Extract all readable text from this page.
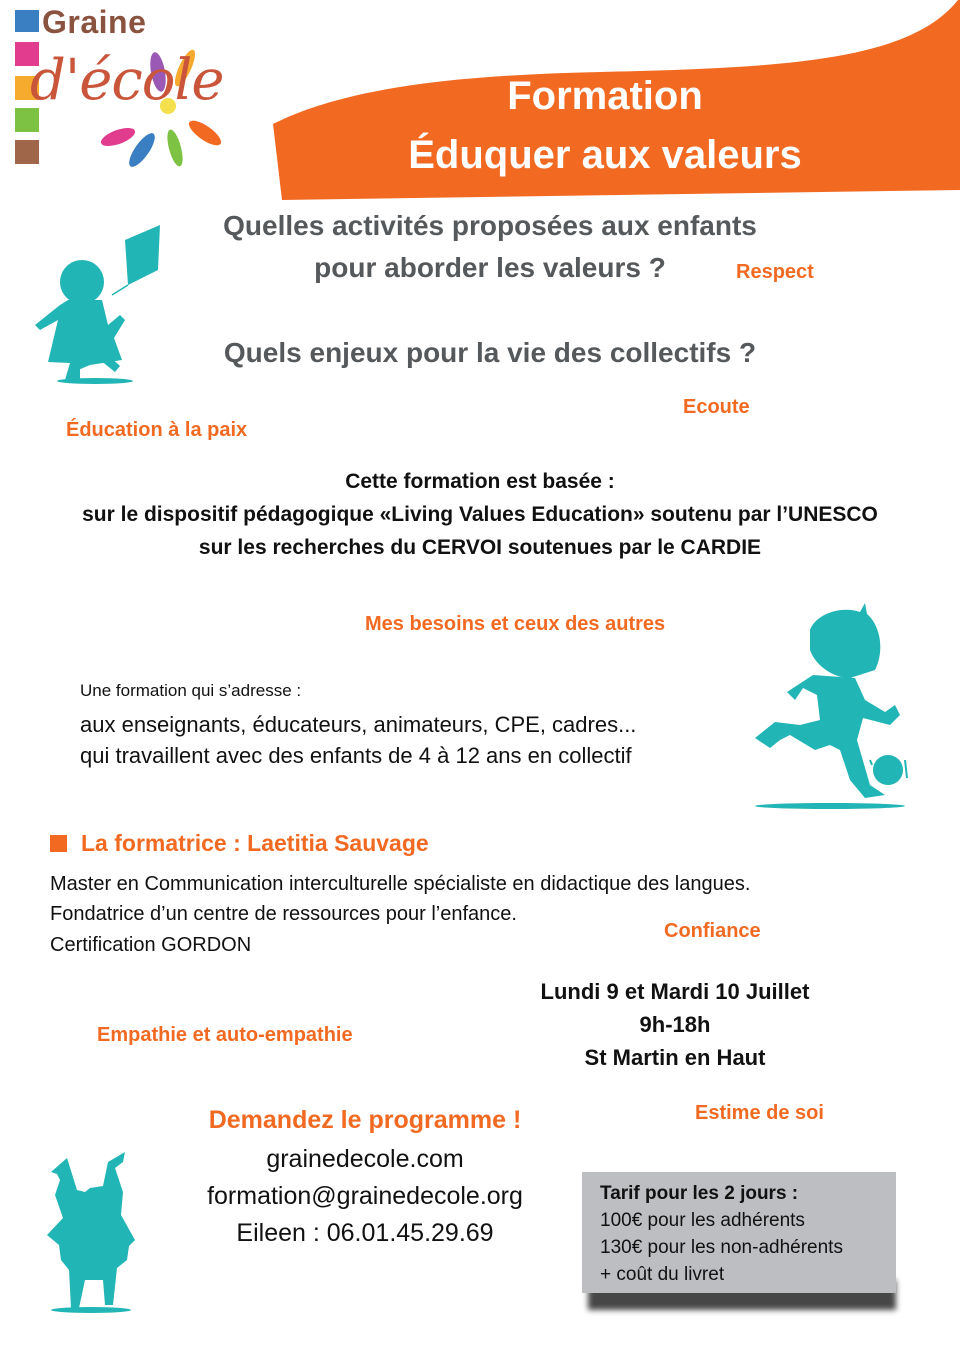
Graine
d'école	Formation
Éduquer aux valeurs
Quelles activités proposées aux enfants
pour aborder les valeurs ?
Quels enjeux pour la vie des collectifs ?
Respect
Ecoute
Éducation à la paix
Cette formation est basée :
sur le dispositif pédagogique «Living Values Education» soutenu par l’UNESCO
sur les recherches du CERVOI soutenues par le CARDIE
Mes besoins et ceux des autres
Une formation qui s’adresse :
aux enseignants, éducateurs, animateurs, CPE, cadres...
qui travaillent avec des enfants de 4 à 12 ans en collectif
La formatrice : Laetitia Sauvage
Master en Communication interculturelle spécialiste en didactique des langues.
Fondatrice d’un centre de ressources pour l’enfance.
Certification GORDON
Confiance
Lundi 9 et Mardi 10 Juillet
9h-18h
St Martin en Haut
Empathie et auto-empathie
Estime de soi
Demandez le programme !
grainedecole.com
formation@grainedecole.org
Eileen : 06.01.45.29.69
Tarif pour les 2 jours :
100€ pour les adhérents
130€ pour les non-adhérents
+ coût du livret
